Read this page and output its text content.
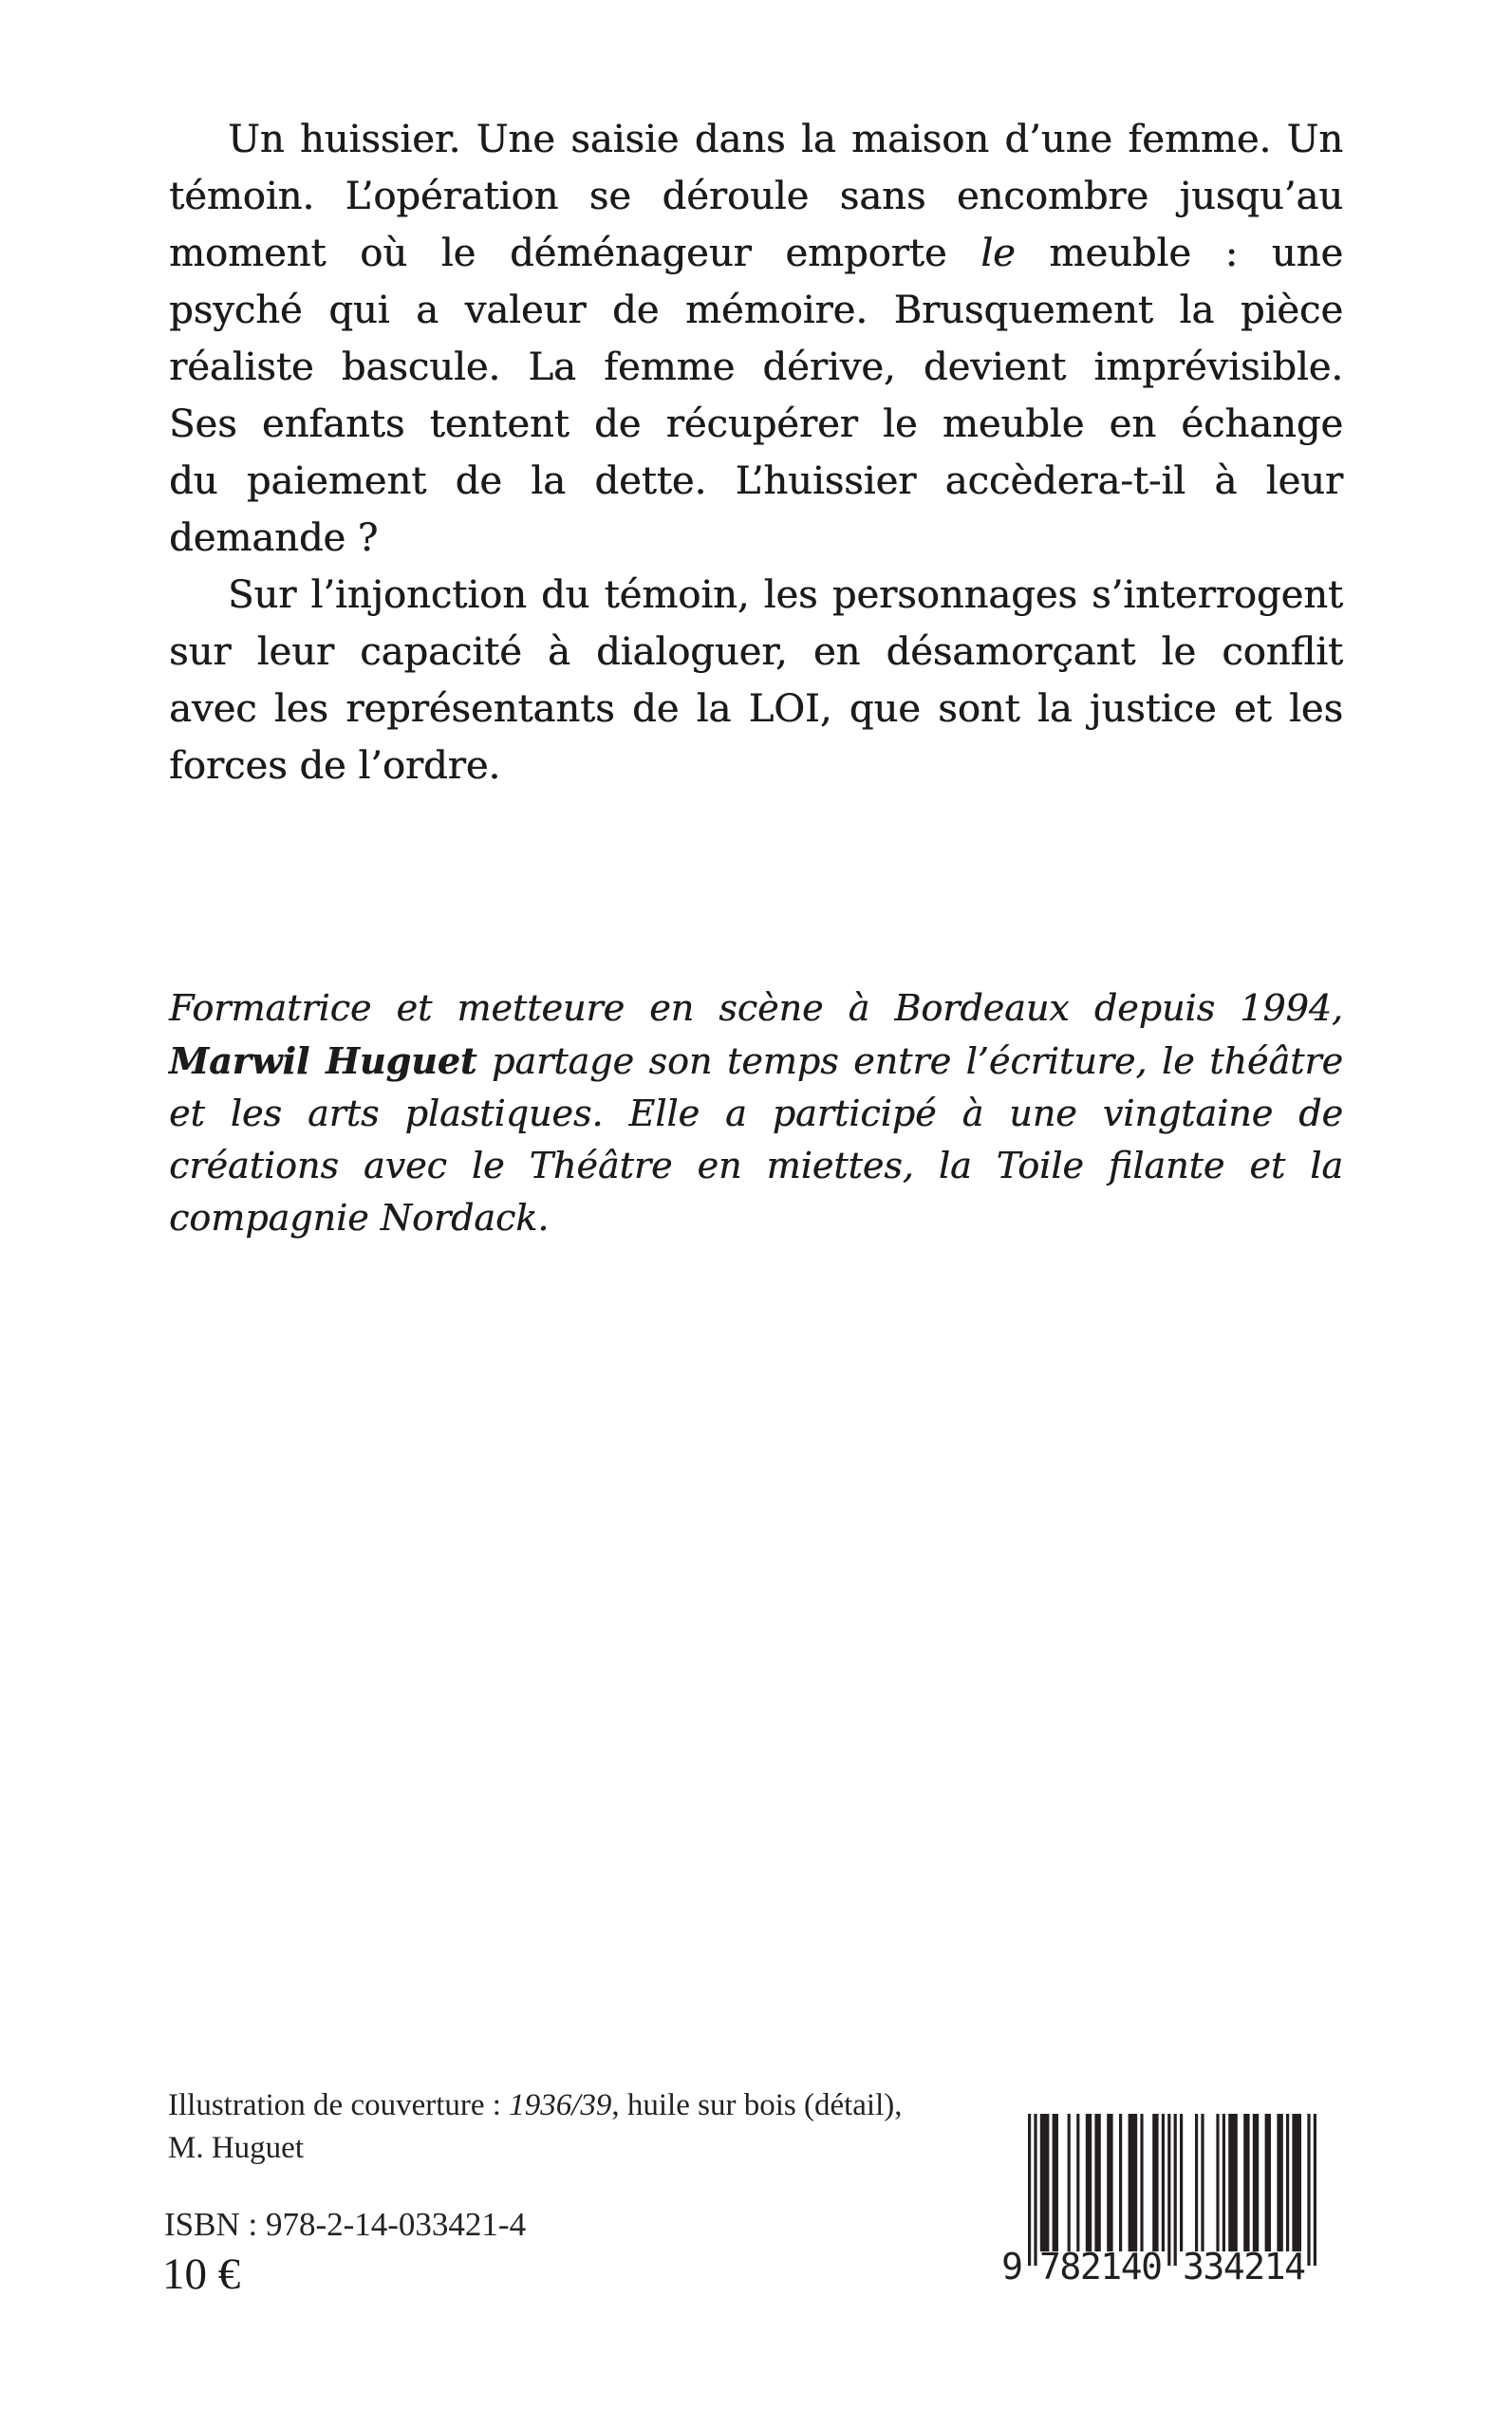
Un huissier. Une saisie dans la maison d’une femme. Un
témoin. L’opération se déroule sans encombre jusqu’au
moment où le déménageur emporte le meuble : une
psyché qui a valeur de mémoire. Brusquement la pièce
réaliste bascule. La femme dérive, devient imprévisible.
Ses enfants tentent de récupérer le meuble en échange
du paiement de la dette. L’huissier accèdera-t-il à leur
demande ?
Sur l’injonction du témoin, les personnages s’interrogent
sur leur capacité à dialoguer, en désamorçant le conflit
avec les représentants de la LOI, que sont la justice et les
forces de l’ordre.
Formatrice et metteure en scène à Bordeaux depuis 1994,
Marwil Huguet partage son temps entre l’écriture, le théâtre
et les arts plastiques. Elle a participé à une vingtaine de
créations avec le Théâtre en miettes, la Toile filante et la
compagnie Nordack.
Illustration de couverture : 1936/39, huile sur bois (détail),
M. Huguet
ISBN : 978-2-14-033421-4
10 €	9 782140 334214
